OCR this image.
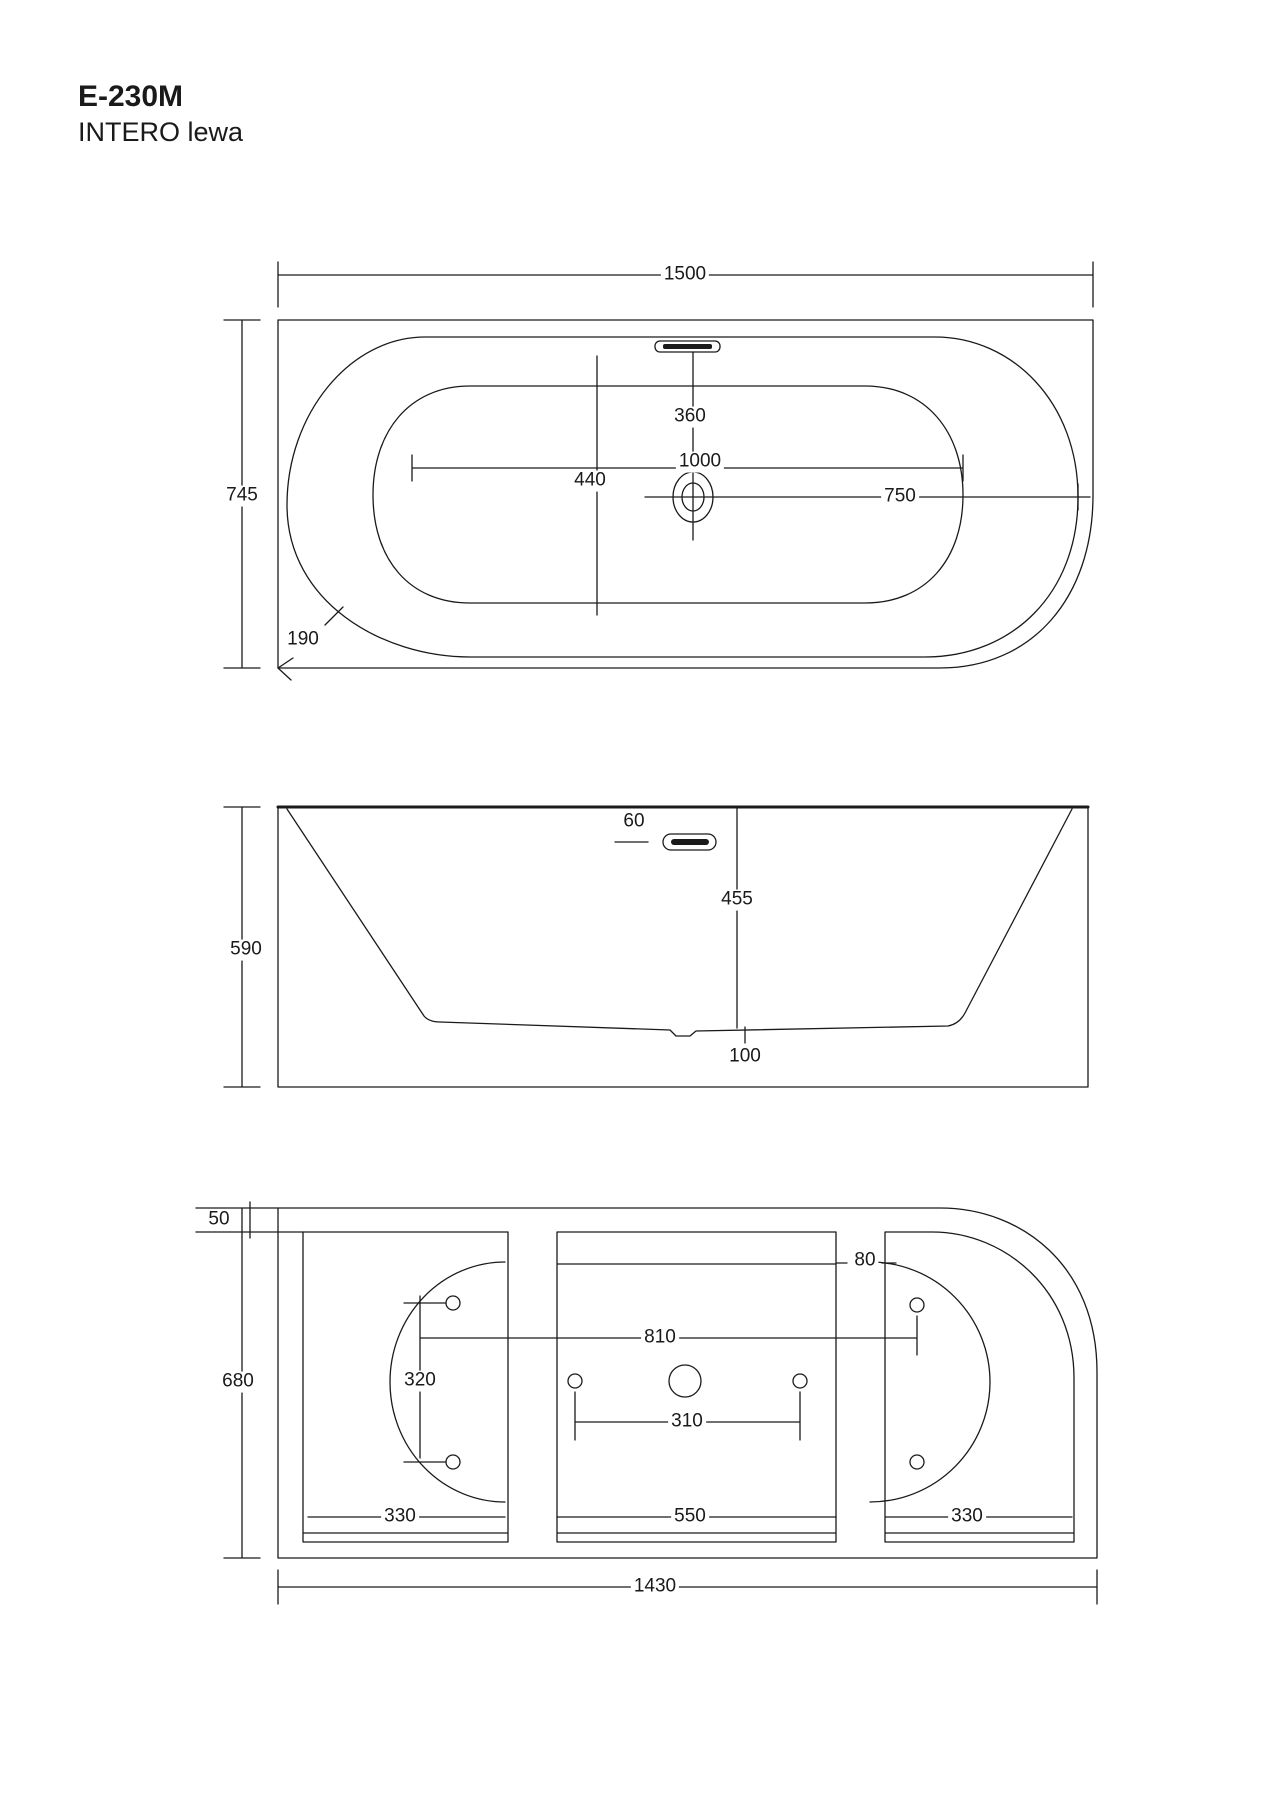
E-230M
INTERO lewa
1500
745
360
1000
440
750
190
60
455
590
100
50
80
680
810
320
310
330	550	330
1430
